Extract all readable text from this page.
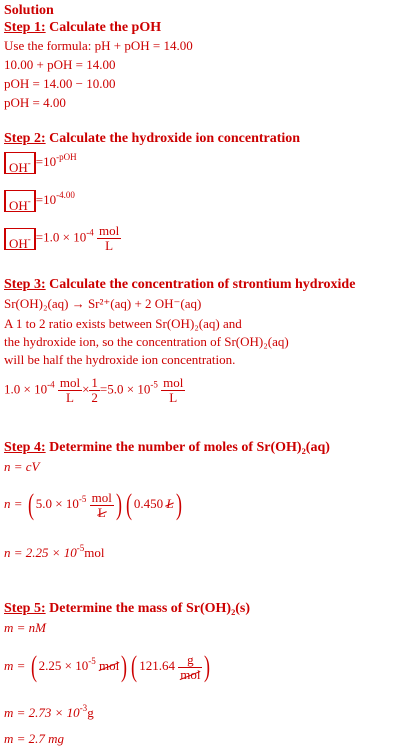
Solution
Step 1: Calculate the pOH
Use the formula: pH + pOH = 14.00
10.00 + pOH = 14.00
pOH = 14.00 − 10.00
pOH = 4.00
Step 2: Calculate the hydroxide ion concentration
$OH^- =10^{-pOH}$
$OH^- =10^{-4.00}$
$OH^- =1.0 \times 10^{-4} \frac{\text{mol}}{L}$
Step 3: Calculate the concentration of strontium hydroxide
Sr(OH)₂(aq) → Sr²⁺(aq) + 2 OH⁻(aq)
A 1 to 2 ratio exists between Sr(OH)₂(aq) and
the hydroxide ion, so the concentration of Sr(OH)₂(aq)
will be half the hydroxide ion concentration.
$1.0 \times 10^{-4} \frac{\text{mol}}{L} \times \frac{1}{2} =5.0 \times 10^{-5} \frac{\text{mol}}{L}$
Step 4: Determine the number of moles of Sr(OH)₂(aq)
n = cV
n = ( $5.0 \times 10^{-5} \frac{\text{mol}}{L}$ ) ( 0.450 L)
$n = 2.25 \times 10^{-5}mol$
Step 5: Determine the mass of Sr(OH)₂(s)
m = nM
m = ( $2.25 \times 10^{-5}$ mol) ( $121.64 \frac{g}{\text{mol}}$ )
$m = 2.73 \times 10^{-3}g$
m = 2.7 mg
